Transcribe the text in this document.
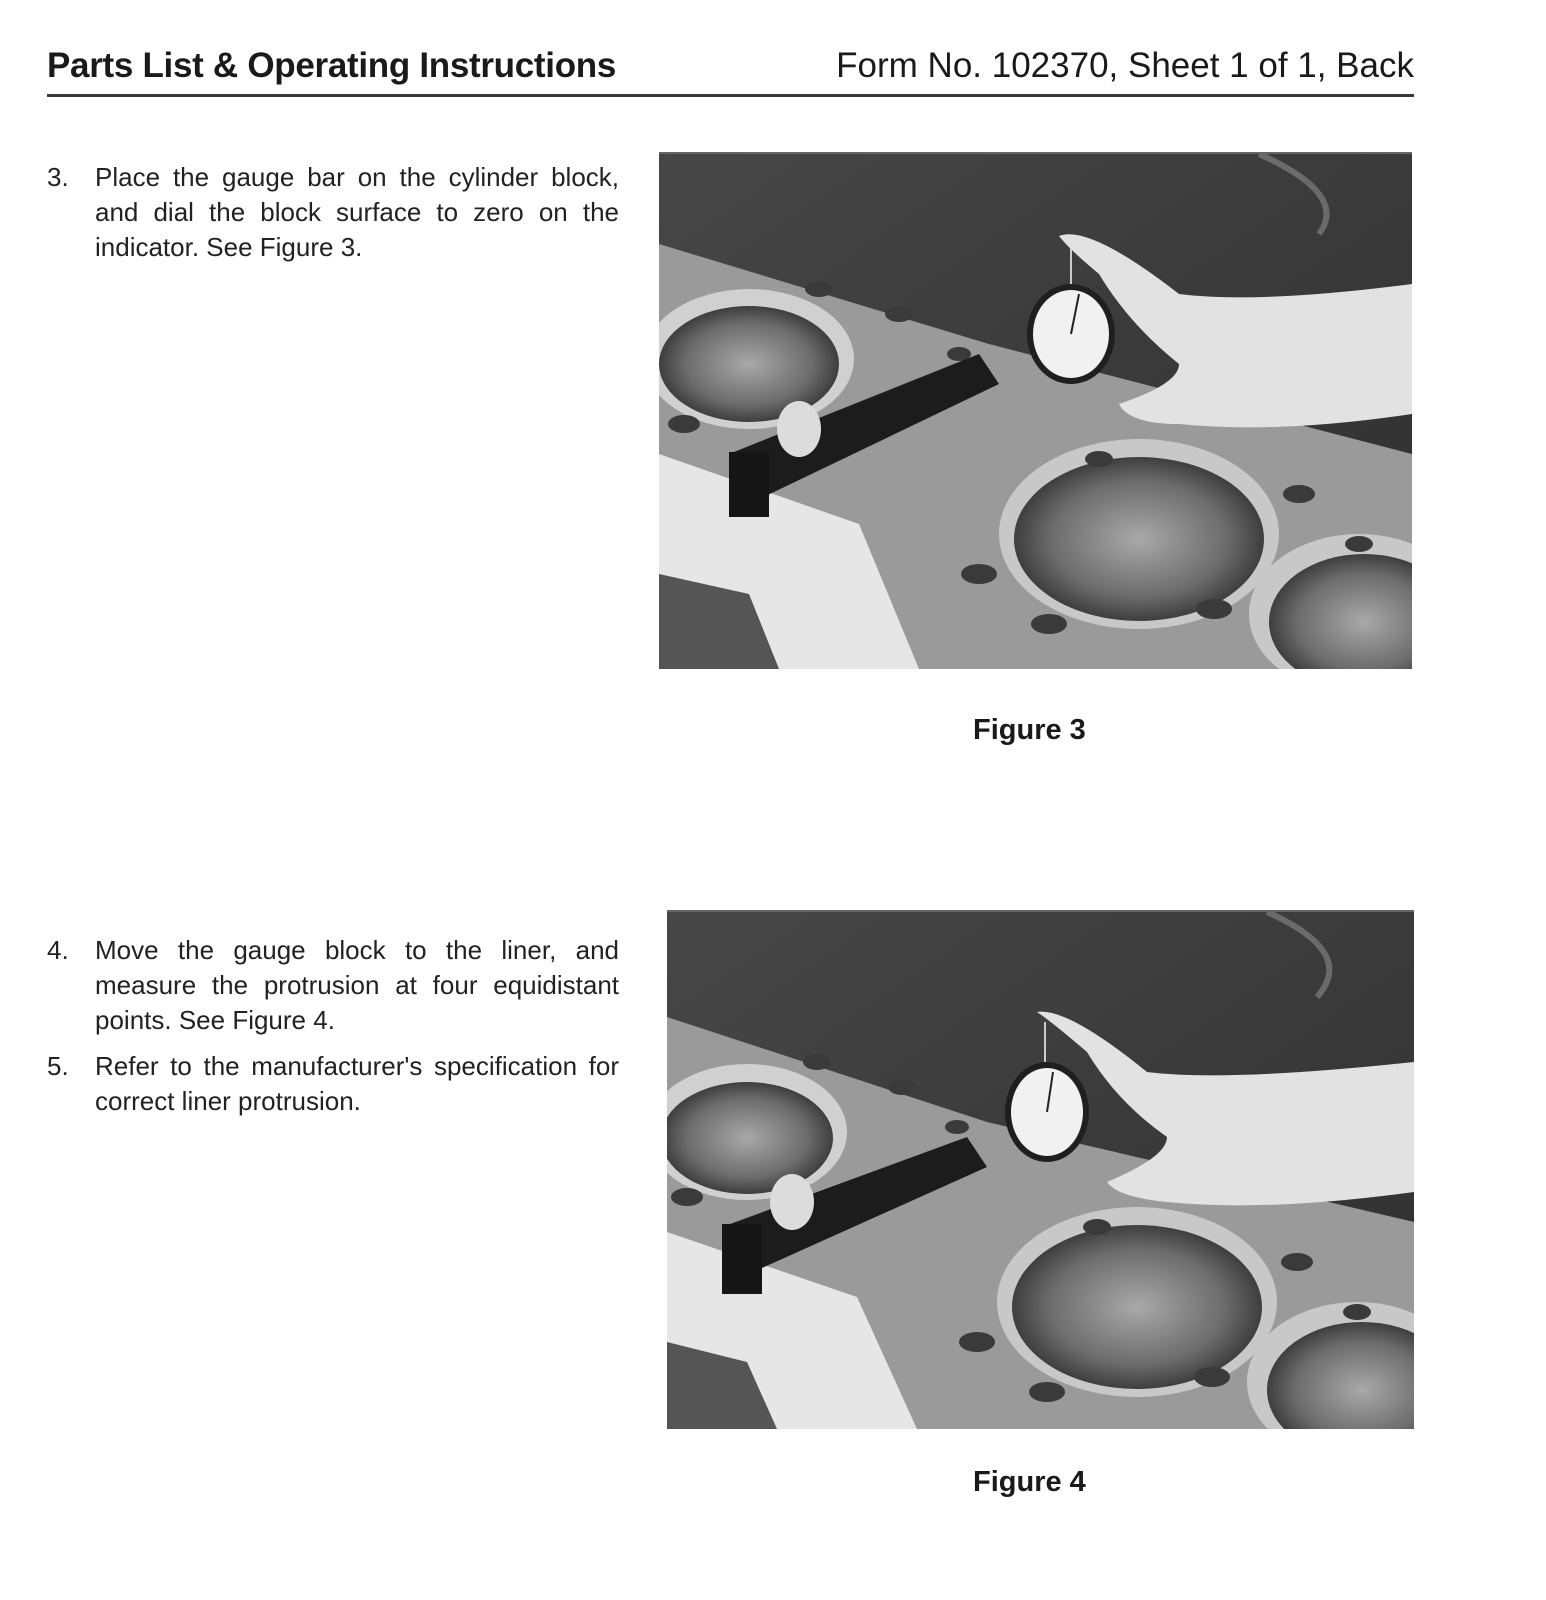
Parts List & Operating Instructions	Form No. 102370, Sheet 1 of 1, Back
3. Place the gauge bar on the cylinder block, and dial the block surface to zero on the indicator. See Figure 3.
4. Move the gauge block to the liner, and measure the protrusion at four equidistant points. See Figure 4.
5. Refer to the manufacturer's specification for correct liner protrusion.
Figure 3
Figure 4
